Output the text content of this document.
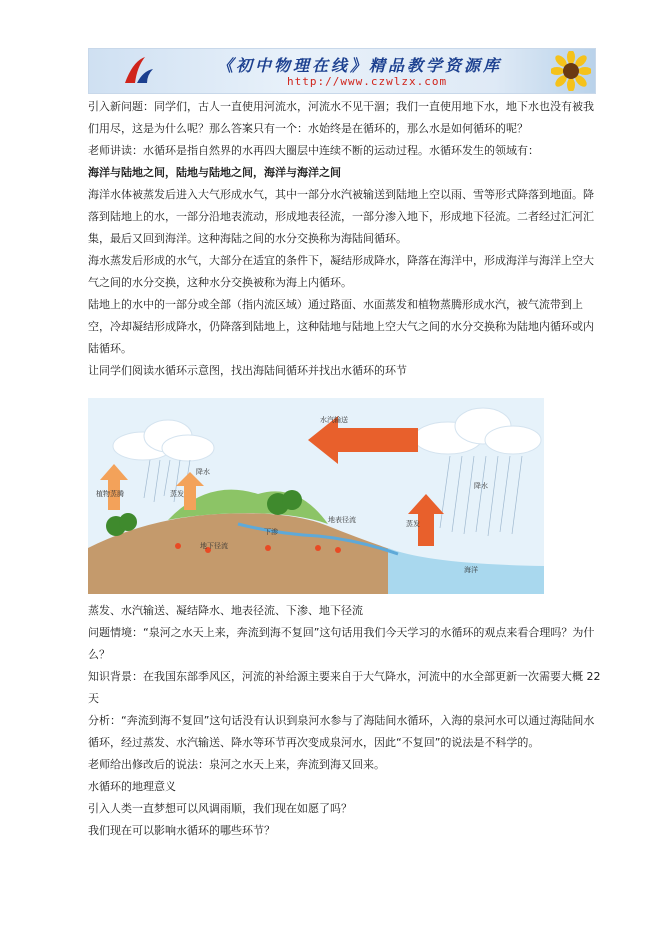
《初中物理在线》精品教学资源库
http://www.czwlzx.com

引入新问题：同学们，古人一直使用河流水，河流水不见干涸；我们一直使用地下水，地下水也没有被我们用尽，这是为什么呢？那么答案只有一个：水始终是在循环的，那么水是如何循环的呢？

老师讲读：水循环是指自然界的水再四大圈层中连续不断的运动过程。水循环发生的领域有：

海洋与陆地之间，陆地与陆地之间，海洋与海洋之间

海洋水体被蒸发后进入大气形成水气，其中一部分水汽被输送到陆地上空以雨、雪等形式降落到地面。降落到陆地上的水，一部分沿地表流动，形成地表径流，一部分渗入地下，形成地下径流。二者经过汇河汇集，最后又回到海洋。这种海陆之间的水分交换称为海陆间循环。

海水蒸发后形成的水气，大部分在适宜的条件下，凝结形成降水，降落在海洋中，形成海洋与海洋上空大气之间的水分交换，这种水分交换被称为海上内循环。

陆地上的水中的一部分或全部（指内流区域）通过路面、水面蒸发和植物蒸腾形成水汽，被气流带到上空，冷却凝结形成降水，仍降落到陆地上，这种陆地与陆地上空大气之间的水分交换称为陆地内循环或内陆循环。

让同学们阅读水循环示意图，找出海陆间循环并找出水循环的环节

水汽输送
降水
降水
植物蒸腾	蒸发
蒸发
地表径流
下渗
地下径流
海洋

蒸发、水汽输送、凝结降水、地表径流、下渗、地下径流

问题情境：“泉河之水天上来，奔流到海不复回”这句话用我们今天学习的水循环的观点来看合理吗？为什么？

知识背景：在我国东部季风区，河流的补给源主要来自于大气降水，河流中的水全部更新一次需要大概 22 天

分析：“奔流到海不复回”这句话没有认识到泉河水参与了海陆间水循环，入海的泉河水可以通过海陆间水循环，经过蒸发、水汽输送、降水等环节再次变成泉河水，因此“不复回”的说法是不科学的。

老师给出修改后的说法：泉河之水天上来，奔流到海又回来。

水循环的地理意义

引入人类一直梦想可以风调雨顺，我们现在如愿了吗？

我们现在可以影响水循环的哪些环节？
